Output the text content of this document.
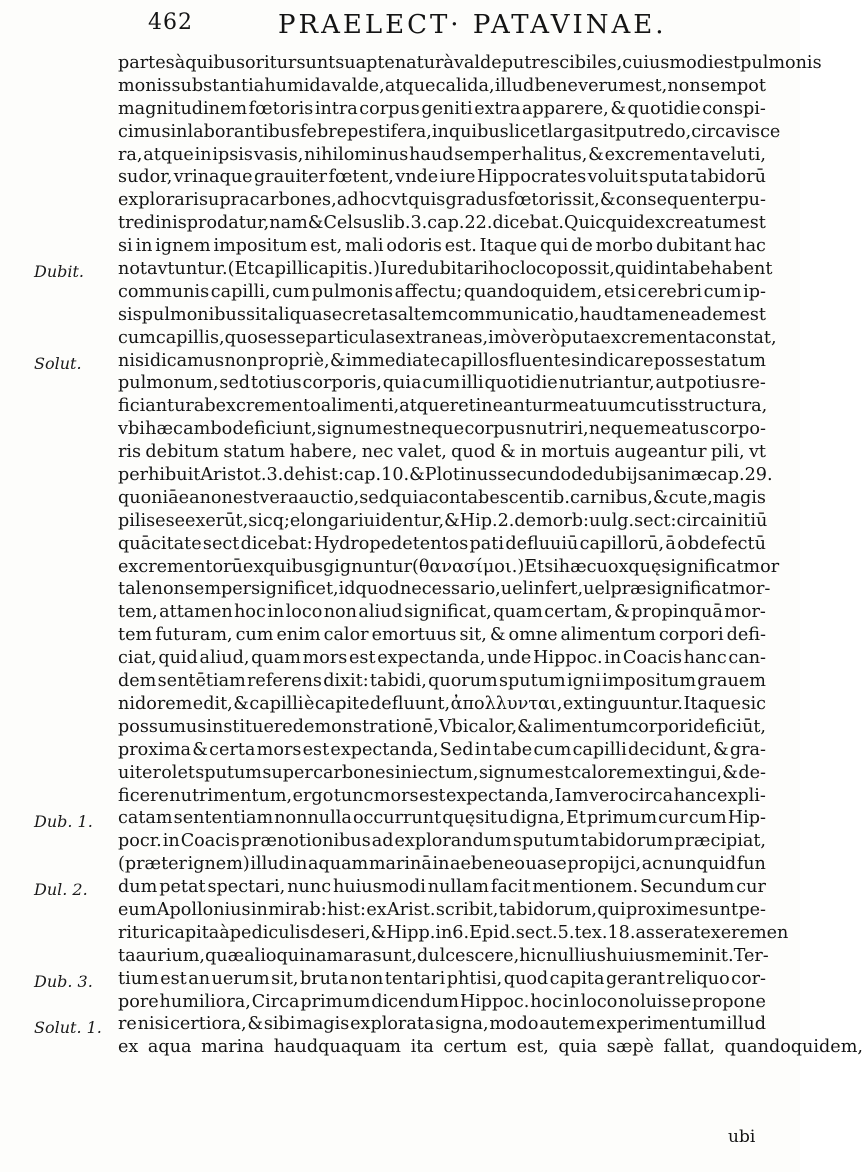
462	PRAELECT· PATAVINAE.
partes à quibus oritur sunt suapte naturà valde putrescibiles, cuiusmodi est pulmonis
monis substantia humida valde, atque calida, illud bene verum est, non sempot
magnitudinem fœtoris intra corpus geniti extra apparere, & quotidie conspi-
cimus in laborantibus febre pestifera, in quibus licet larga sit putredo, circa visce
ra, atque in ipsis vasis, nihilominus haud semper halitus, & excrementa veluti,
sudor, vrinaque grauiter fœtent, vnde iure Hippocrates voluit sputa tabidorū
explorari supra carbones, ad hoc vt quis gradus fœtoris sit, & consequenter pu-
tredinis prodatur, nam & Celsus lib. 3. cap. 22. dicebat. Quicquid excreatum est
si in ignem impositum est, mali odoris est. Itaque qui de morbo dubitant hac
nota vtuntur. (Et capilli capitis.) Iure dubitari hoc loco possit, quid in tabe habent
communis capilli, cum pulmonis affectu; quandoquidem, etsi cerebri cum ip-
sis pulmonibus sit aliqua secreta saltem communicatio, haud tamen eadem est
cum capillis, quos esse particulas extraneas, imò verò puta excrementa constat,
nisi dicamus non propriè, & immediate capillos fluentes indicare posse statum
pulmonum, sed totius corporis, quia cum illi quotidie nutriantur, aut potius re-
ficiantur ab excremento alimenti, atque retineantur meatuum cutis structura,
vbi hæc ambo deficiunt, signum est neque corpus nutriri, neque meatus corpo-
ris debitum statum habere, nec valet, quod & in mortuis augeantur pili, vt
perhibuit Aristot. 3. de hist: cap. 10. & Plotinus secundo de dubijs animæ cap. 29.
quoniā ea non est vera auctio, sed quia contabescentib. carnibus, & cute, magis
pili sese exerūt, sicq; elongari uidentur, & Hip. 2. de morb: uulg. sect: circa initiū
quācitate sect dicebat: Hydropedetentos pati defluuiū capillorū, ā obdefectū
excrementorū ex quibus gignuntur (θανασίμοι.) Etsi hæc uox quę significat mor
tale non semper significet, id quod necessario, uel infert, uel præsignificat mor-
tem, attamen hoc in loco non aliud significat, quam certam, & propinquā mor-
tem futuram, cum enim calor emortuus sit, & omne alimentum corpori defi-
ciat, quid aliud, quam mors est expectanda, unde Hippoc. in Coacis hanc can-
dem sentētiam referens dixit: tabidi, quorum sputum igni impositum grauem
nidorem edit, & capilli è capite defluunt, ἀπολλυνται, extinguuntur. Itaque sic
possumus instituere demonstrationē, Vbi calor, & alimentum corpori deficiūt,
proxima & certa mors est expectanda, Sed in tabe cum capilli decidunt, & gra-
uiter olet sputum super carbones iniectum, signum est calorem extingui, & de-
ficere nutrimentum, ergo tunc mors est expectanda, Iam vero circa hanc expli-
catam sententiam nonnulla occurrunt quęsitu digna, Et primum cur cum Hip-
pocr. in Coacis prænotionibus ad explorandum sputum tabidorum præcipiat,
(præter ignem) illud in aquam marinā in aebeneo uase propijci, ac nunquid fun
dum petat spectari, nunc huiusmodi nullam facit mentionem. Secundum cur
eum Apollonius in mirab: hist: ex Arist. scribit, tabidorum, qui proxime sunt pe-
rituri capita à pediculis deseri, & Hipp. in 6. Epid. sect. 5. tex. 18. asserat exeremen
ta aurium, quæ alioquin amara sunt, dulcescere, hic nullius huius meminit. Ter-
tium est an uerum sit, bruta non tentari phtisi, quod capita gerant reliquo cor-
pore humiliora, Circa primum dicendum Hippoc. hoc in loco noluisse propone
re nisi certiora, & sibi magis explorata signa, modo autem experimentum illud
ex aqua marina haudquaquam ita certum est, quia sæpè fallat, quandoquidem,
Dubit.
Solut.
Dub. 1.
Dul. 2.
Dub. 3.
Solut. 1.
ubi
